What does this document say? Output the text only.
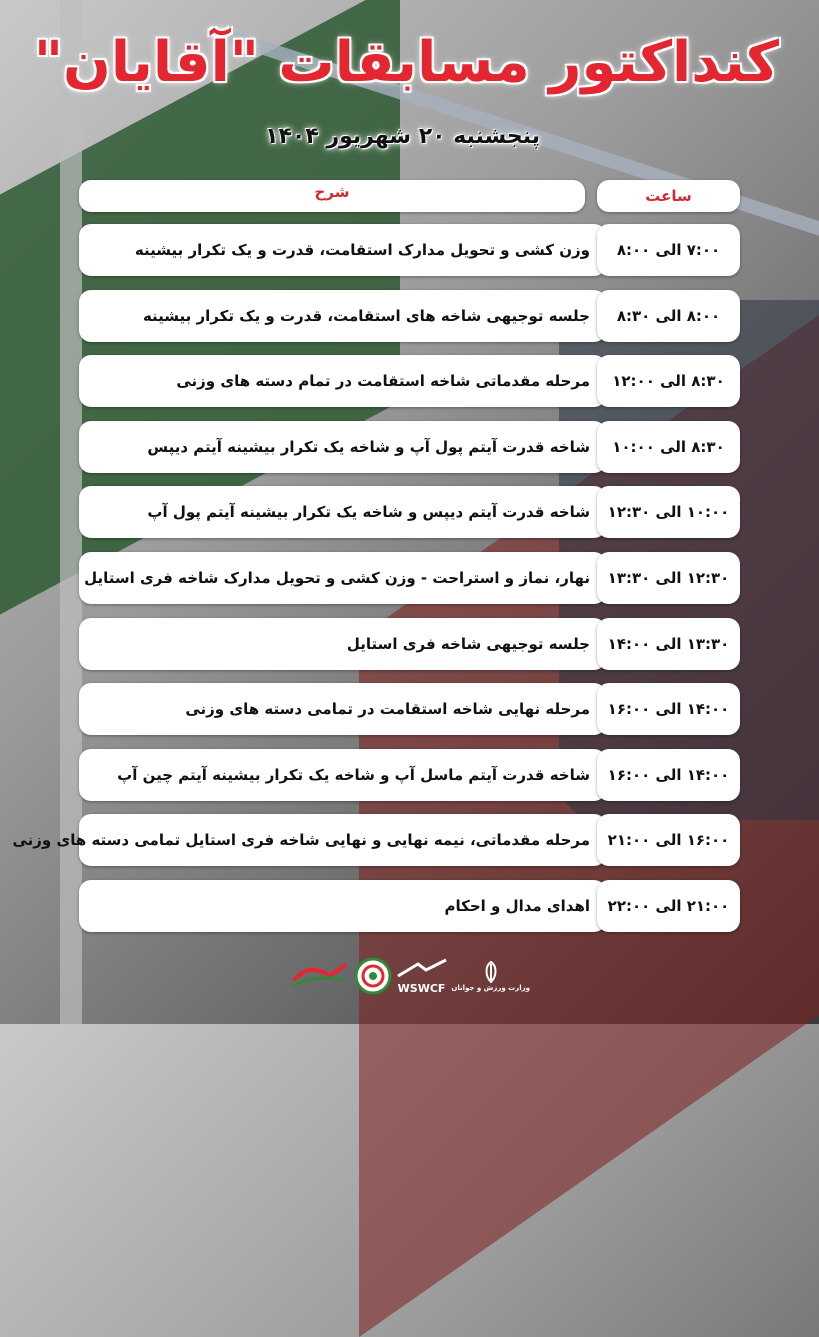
کنداکتور مسابقات "آقایان"
پنجشنبه ۲۰ شهریور ۱۴۰۴
شرح	ساعت
وزن کشی و تحویل مدارک استقامت، قدرت و یک تکرار بیشینه	۷:۰۰ الی ۸:۰۰
جلسه توجیهی شاخه های استقامت، قدرت و یک تکرار بیشینه	۸:۰۰ الی ۸:۳۰
مرحله مقدماتی شاخه استقامت در تمام دسته های وزنی	۸:۳۰ الی ۱۲:۰۰
شاخه قدرت آیتم پول آپ و شاخه یک تکرار بیشینه آیتم دیپس	۸:۳۰ الی ۱۰:۰۰
شاخه قدرت آیتم دیپس و شاخه یک تکرار بیشینه آیتم پول آپ	۱۰:۰۰ الی ۱۲:۳۰
نهار، نماز و استراحت - وزن کشی و تحویل مدارک شاخه فری استایل	۱۲:۳۰ الی ۱۳:۳۰
جلسه توجیهی شاخه فری استایل	۱۳:۳۰ الی ۱۴:۰۰
مرحله نهایی شاخه استقامت در تمامی دسته های وزنی	۱۴:۰۰ الی ۱۶:۰۰
شاخه قدرت آیتم ماسل آپ و شاخه یک تکرار بیشینه آیتم چین آپ	۱۴:۰۰ الی ۱۶:۰۰
مرحله مقدماتی، نیمه نهایی و نهایی شاخه فری استایل تمامی دسته های وزنی	۱۶:۰۰ الی ۲۱:۰۰
اهدای مدال و احکام	۲۱:۰۰ الی ۲۲:۰۰
WSWCF وزارت ورزش و جوانان
